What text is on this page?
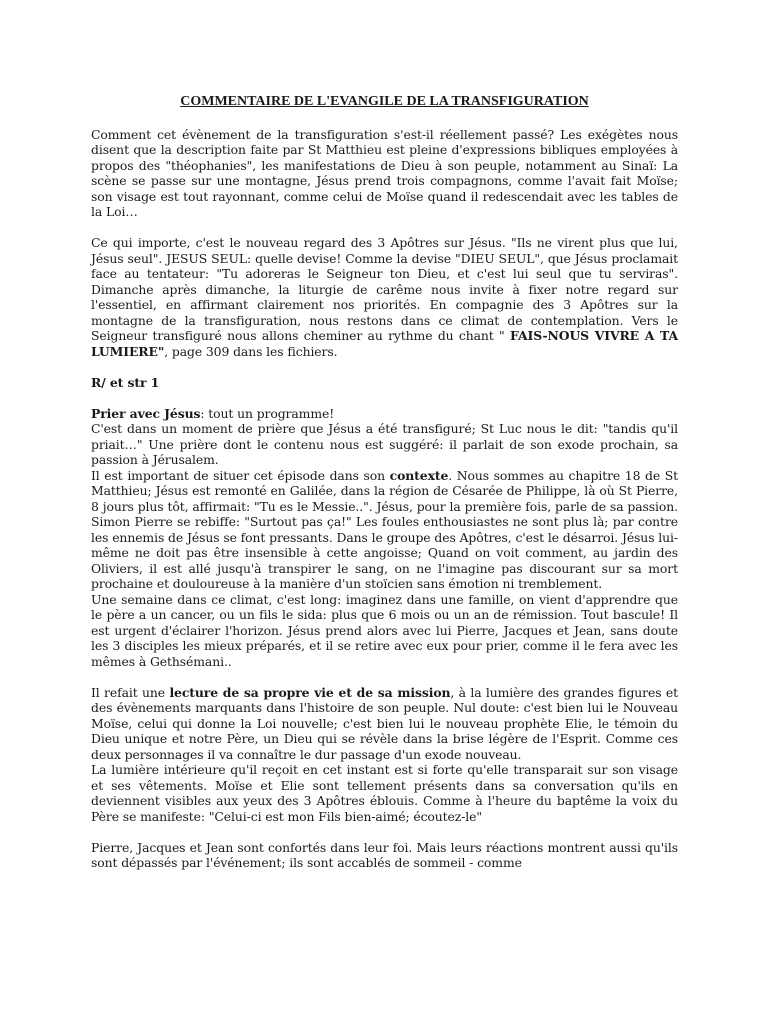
COMMENTAIRE DE L'EVANGILE DE LA TRANSFIGURATION

Comment cet évènement de la transfiguration s'est-il réellement passé? Les exégètes nous disent que la description faite par St Matthieu est pleine d'expressions bibliques employées à propos des "théophanies", les manifestations de Dieu à son peuple, notamment au Sinaï: La scène se passe sur une montagne, Jésus prend trois compagnons, comme l'avait fait Moïse; son visage est tout rayonnant, comme celui de Moïse quand il redescendait avec les tables de la Loi…

Ce qui importe, c'est le nouveau regard des 3 Apôtres sur Jésus. "Ils ne virent plus que lui, Jésus seul". JESUS SEUL: quelle devise! Comme la devise "DIEU SEUL", que Jésus proclamait face au tentateur: "Tu adoreras le Seigneur ton Dieu, et c'est lui seul que tu serviras". Dimanche après dimanche, la liturgie de carême nous invite à fixer notre regard sur l'essentiel, en affirmant clairement nos priorités. En compagnie des 3 Apôtres sur la montagne de la transfiguration, nous restons dans ce climat de contemplation. Vers le Seigneur transfiguré nous allons cheminer au rythme du chant " FAIS-NOUS VIVRE A TA LUMIERE", page 309 dans les fichiers.

R/ et str 1

Prier avec Jésus: tout un programme!

C'est dans un moment de prière que Jésus a été transfiguré; St Luc nous le dit: "tandis qu'il priait…" Une prière dont le contenu nous est suggéré: il parlait de son exode prochain, sa passion à Jérusalem.

Il est important de situer cet épisode dans son contexte. Nous sommes au chapitre 18 de St Matthieu; Jésus est remonté en Galilée, dans la région de Césarée de Philippe, là où St Pierre, 8 jours plus tôt, affirmait: "Tu es le Messie..". Jésus, pour la première fois, parle de sa passion. Simon Pierre se rebiffe: "Surtout pas ça!" Les foules enthousiastes ne sont plus là; par contre les ennemis de Jésus se font pressants. Dans le groupe des Apôtres, c'est le désarroi. Jésus lui-même ne doit pas être insensible à cette angoisse; Quand on voit comment, au jardin des Oliviers, il est allé jusqu'à transpirer le sang, on ne l'imagine pas discourant sur sa mort prochaine et douloureuse à la manière d'un stoïcien sans émotion ni tremblement.

Une semaine dans ce climat, c'est long: imaginez dans une famille, on vient d'apprendre que le père a un cancer, ou un fils le sida: plus que 6 mois ou un an de rémission. Tout bascule! Il est urgent d'éclairer l'horizon. Jésus prend alors avec lui Pierre, Jacques et Jean, sans doute les 3 disciples les mieux préparés, et il se retire avec eux pour prier, comme il le fera avec les mêmes à Gethsémani..

Il refait une lecture de sa propre vie et de sa mission, à la lumière des grandes figures et des évènements marquants dans l'histoire de son peuple. Nul doute: c'est bien lui le Nouveau Moïse, celui qui donne la Loi nouvelle; c'est bien lui le nouveau prophète Elie, le témoin du Dieu unique et notre Père, un Dieu qui se révèle dans la brise légère de l'Esprit. Comme ces deux personnages il va connaître le dur passage d'un exode nouveau.

La lumière intérieure qu'il reçoit en cet instant est si forte qu'elle transparait sur son visage et ses vêtements. Moïse et Elie sont tellement présents dans sa conversation qu'ils en deviennent visibles aux yeux des 3 Apôtres éblouis. Comme à l'heure du baptême la voix du Père se manifeste: "Celui-ci est mon Fils bien-aimé; écoutez-le"

Pierre, Jacques et Jean sont confortés dans leur foi. Mais leurs réactions montrent aussi qu'ils sont dépassés par l'événement; ils sont accablés de sommeil - comme
